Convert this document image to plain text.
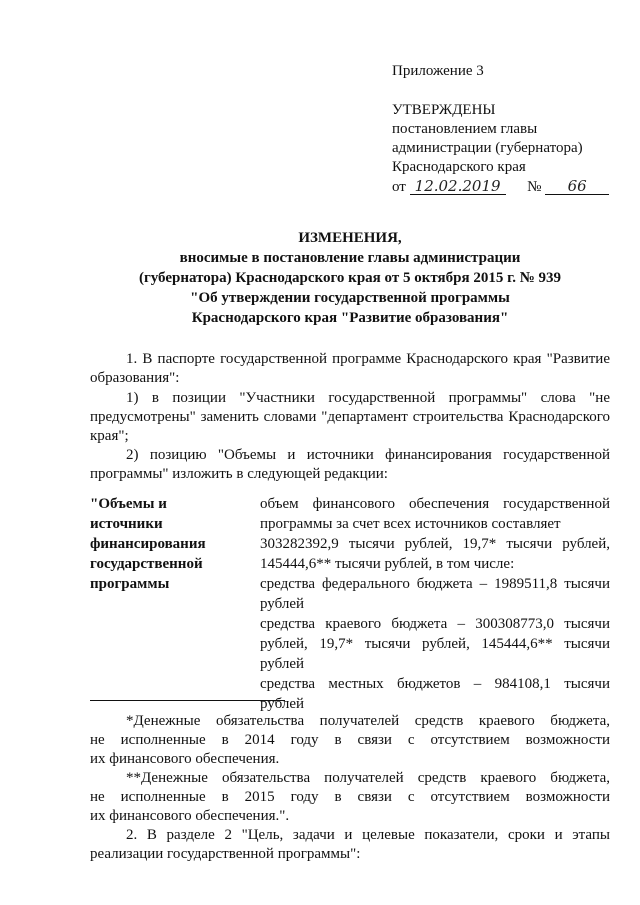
Приложение 3
УТВЕРЖДЕНЫ
постановлением главы
администрации (губернатора)
Краснодарского края
от 12.02.2019 № 66
ИЗМЕНЕНИЯ,
вносимые в постановление главы администрации
(губернатора) Краснодарского края от 5 октября 2015 г. № 939
"Об утверждении государственной программы
Краснодарского края "Развитие образования"
1. В паспорте государственной программе Краснодарского края "Развитие
образования":
1) в позиции "Участники государственной программы" слова "не
предусмотрены" заменить словами "департамент строительства Краснодарского
края";
2) позицию "Объемы и источники финансирования государственной
программы" изложить в следующей редакции:
"Объемы и
источники
финансирования
государственной
программы
объем финансового обеспечения государственной
программы за счет всех источников составляет
303282392,9 тысячи рублей, 19,7* тысячи рублей,
145444,6** тысячи рублей, в том числе:
средства федерального бюджета – 1989511,8 тысячи
рублей
средства краевого бюджета – 300308773,0 тысячи
рублей, 19,7* тысячи рублей, 145444,6** тысячи
рублей
средства местных бюджетов – 984108,1 тысячи
рублей
*Денежные обязательства получателей средств краевого бюджета,
не исполненные в 2014 году в связи с отсутствием возможности
их финансового обеспечения.
**Денежные обязательства получателей средств краевого бюджета,
не исполненные в 2015 году в связи с отсутствием возможности
их финансового обеспечения.".
2. В разделе 2 "Цель, задачи и целевые показатели, сроки и этапы
реализации государственной программы":
